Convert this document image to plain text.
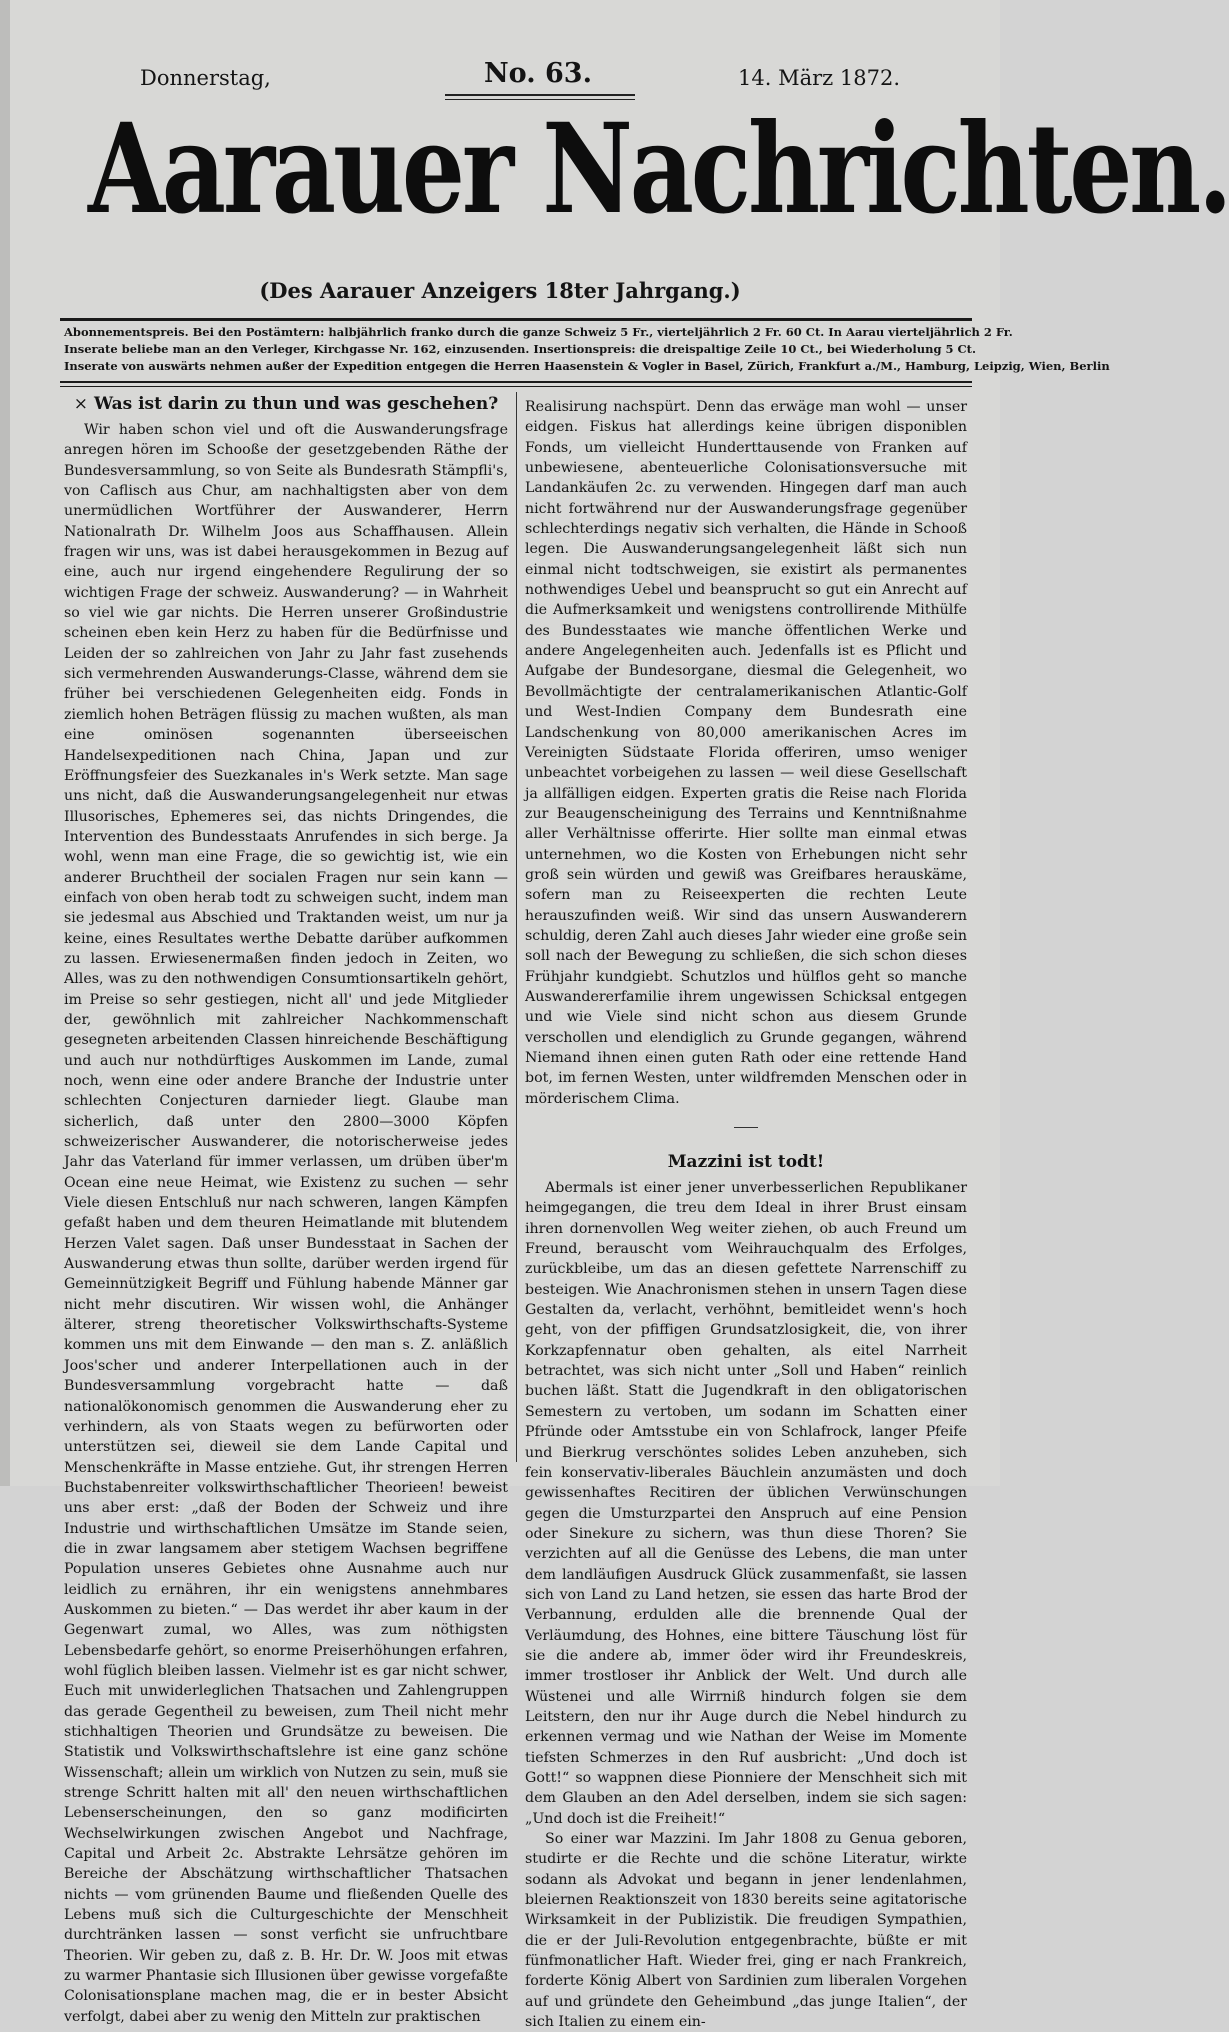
Donnerstag,	No. 63.	14. März 1872.
Aarauer Nachrichten.
(Des Aarauer Anzeigers 18ter Jahrgang.)
Abonnementspreis. Bei den Postämtern: halbjährlich franko durch die ganze Schweiz 5 Fr., vierteljährlich 2 Fr. 60 Ct. In Aarau vierteljährlich 2 Fr.
Inserate beliebe man an den Verleger, Kirchgasse Nr. 162, einzusenden. Insertionspreis: die dreispaltige Zeile 10 Ct., bei Wiederholung 5 Ct.
Inserate von auswärts nehmen außer der Expedition entgegen die Herren Haasenstein & Vogler in Basel, Zürich, Frankfurt a./M., Hamburg, Leipzig, Wien, Berlin
× Was ist darin zu thun und was geschehen?

Wir haben schon viel und oft die Auswanderungsfrage anregen hören im Schooße der gesetzgebenden Räthe der Bundesversammlung, so von Seite als Bundesrath Stämpfli's, von Caflisch aus Chur, am nachhaltigsten aber von dem unermüdlichen Wortführer der Auswanderer, Herrn Nationalrath Dr. Wilhelm Joos aus Schaffhausen. Allein fragen wir uns, was ist dabei herausgekommen in Bezug auf eine, auch nur irgend eingehendere Regulirung der so wichtigen Frage der schweiz. Auswanderung? — in Wahrheit so viel wie gar nichts. Die Herren unserer Großindustrie scheinen eben kein Herz zu haben für die Bedürfnisse und Leiden der so zahlreichen von Jahr zu Jahr fast zusehends sich vermehrenden Auswanderungs-Classe, während dem sie früher bei verschiedenen Gelegenheiten eidg. Fonds in ziemlich hohen Beträgen flüssig zu machen wußten, als man eine ominösen sogenannten überseeischen Handelsexpeditionen nach China, Japan und zur Eröffnungsfeier des Suezkanales in's Werk setzte. Man sage uns nicht, daß die Auswanderungsangelegenheit nur etwas Illusorisches, Ephemeres sei, das nichts Dringendes, die Intervention des Bundesstaats Anrufendes in sich berge. Ja wohl, wenn man eine Frage, die so gewichtig ist, wie ein anderer Bruchtheil der socialen Fragen nur sein kann — einfach von oben herab todt zu schweigen sucht, indem man sie jedesmal aus Abschied und Traktanden weist, um nur ja keine, eines Resultates werthe Debatte darüber aufkommen zu lassen. Erwiesenermaßen finden jedoch in Zeiten, wo Alles, was zu den nothwendigen Consumtionsartikeln gehört, im Preise so sehr gestiegen, nicht all' und jede Mitglieder der, gewöhnlich mit zahlreicher Nachkommenschaft gesegneten arbeitenden Classen hinreichende Beschäftigung und auch nur nothdürftiges Auskommen im Lande, zumal noch, wenn eine oder andere Branche der Industrie unter schlechten Conjecturen darnieder liegt. Glaube man sicherlich, daß unter den 2800—3000 Köpfen schweizerischer Auswanderer, die notorischerweise jedes Jahr das Vaterland für immer verlassen, um drüben über'm Ocean eine neue Heimat, wie Existenz zu suchen — sehr Viele diesen Entschluß nur nach schweren, langen Kämpfen gefaßt haben und dem theuren Heimatlande mit blutendem Herzen Valet sagen. Daß unser Bundesstaat in Sachen der Auswanderung etwas thun sollte, darüber werden irgend für Gemeinnützigkeit Begriff und Fühlung habende Männer gar nicht mehr discutiren. Wir wissen wohl, die Anhänger älterer, streng theoretischer Volkswirthschafts-Systeme kommen uns mit dem Einwande — den man s. Z. anläßlich Joos'scher und anderer Interpellationen auch in der Bundesversammlung vorgebracht hatte — daß nationalökonomisch genommen die Auswanderung eher zu verhindern, als von Staats wegen zu befürworten oder unterstützen sei, dieweil sie dem Lande Capital und Menschenkräfte in Masse entziehe. Gut, ihr strengen Herren Buchstabenreiter volkswirthschaftlicher Theorieen! beweist uns aber erst: „daß der Boden der Schweiz und ihre Industrie und wirthschaftlichen Umsätze im Stande seien, die in zwar langsamem aber stetigem Wachsen begriffene Population unseres Gebietes ohne Ausnahme auch nur leidlich zu ernähren, ihr ein wenigstens annehmbares Auskommen zu bieten.“ — Das werdet ihr aber kaum in der Gegenwart zumal, wo Alles, was zum nöthigsten Lebensbedarfe gehört, so enorme Preiserhöhungen erfahren, wohl füglich bleiben lassen. Vielmehr ist es gar nicht schwer, Euch mit unwiderleglichen Thatsachen und Zahlengruppen das gerade Gegentheil zu beweisen, zum Theil nicht mehr stichhaltigen Theorien und Grundsätze zu beweisen. Die Statistik und Volkswirthschaftslehre ist eine ganz schöne Wissenschaft; allein um wirklich von Nutzen zu sein, muß sie strenge Schritt halten mit all' den neuen wirthschaftlichen Lebenserscheinungen, den so ganz modificirten Wechselwirkungen zwischen Angebot und Nachfrage, Capital und Arbeit 2c. Abstrakte Lehrsätze gehören im Bereiche der Abschätzung wirthschaftlicher Thatsachen nichts — vom grünenden Baume und fließenden Quelle des Lebens muß sich die Culturgeschichte der Menschheit durchtränken lassen — sonst verficht sie unfruchtbare Theorien. Wir geben zu, daß z. B. Hr. Dr. W. Joos mit etwas zu warmer Phantasie sich Illusionen über gewisse vorgefaßte Colonisationsplane machen mag, die er in bester Absicht verfolgt, dabei aber zu wenig den Mitteln zur praktischen

Realisirung nachspürt. Denn das erwäge man wohl — unser eidgen. Fiskus hat allerdings keine übrigen disponiblen Fonds, um vielleicht Hunderttausende von Franken auf unbewiesene, abenteuerliche Colonisationsversuche mit Landankäufen 2c. zu verwenden. Hingegen darf man auch nicht fortwährend nur der Auswanderungsfrage gegenüber schlechterdings negativ sich verhalten, die Hände in Schooß legen. Die Auswanderungsangelegenheit läßt sich nun einmal nicht todtschweigen, sie existirt als permanentes nothwendiges Uebel und beansprucht so gut ein Anrecht auf die Aufmerksamkeit und wenigstens controllirende Mithülfe des Bundesstaates wie manche öffentlichen Werke und andere Angelegenheiten auch. Jedenfalls ist es Pflicht und Aufgabe der Bundesorgane, diesmal die Gelegenheit, wo Bevollmächtigte der centralamerikanischen Atlantic-Golf und West-Indien Company dem Bundesrath eine Landschenkung von 80,000 amerikanischen Acres im Vereinigten Südstaate Florida offeriren, umso weniger unbeachtet vorbeigehen zu lassen — weil diese Gesellschaft ja allfälligen eidgen. Experten gratis die Reise nach Florida zur Beaugenscheinigung des Terrains und Kenntnißnahme aller Verhältnisse offerirte. Hier sollte man einmal etwas unternehmen, wo die Kosten von Erhebungen nicht sehr groß sein würden und gewiß was Greifbares herauskäme, sofern man zu Reiseexperten die rechten Leute herauszufinden weiß. Wir sind das unsern Auswanderern schuldig, deren Zahl auch dieses Jahr wieder eine große sein soll nach der Bewegung zu schließen, die sich schon dieses Frühjahr kundgiebt. Schutzlos und hülflos geht so manche Auswandererfamilie ihrem ungewissen Schicksal entgegen und wie Viele sind nicht schon aus diesem Grunde verschollen und elendiglich zu Grunde gegangen, während Niemand ihnen einen guten Rath oder eine rettende Hand bot, im fernen Westen, unter wildfremden Menschen oder in mörderischem Clima.

Mazzini ist todt!

Abermals ist einer jener unverbesserlichen Republikaner heimgegangen, die treu dem Ideal in ihrer Brust einsam ihren dornenvollen Weg weiter ziehen, ob auch Freund um Freund, berauscht vom Weihrauchqualm des Erfolges, zurückbleibe, um das an diesen gefettete Narrenschiff zu besteigen. Wie Anachronismen stehen in unsern Tagen diese Gestalten da, verlacht, verhöhnt, bemitleidet wenn's hoch geht, von der pfiffigen Grundsatzlosigkeit, die, von ihrer Korkzapfennatur oben gehalten, als eitel Narrheit betrachtet, was sich nicht unter „Soll und Haben“ reinlich buchen läßt. Statt die Jugendkraft in den obligatorischen Semestern zu vertoben, um sodann im Schatten einer Pfründe oder Amtsstube ein von Schlafrock, langer Pfeife und Bierkrug verschöntes solides Leben anzuheben, sich fein konservativ-liberales Bäuchlein anzumästen und doch gewissenhaftes Recitiren der üblichen Verwünschungen gegen die Umsturzpartei den Anspruch auf eine Pension oder Sinekure zu sichern, was thun diese Thoren? Sie verzichten auf all die Genüsse des Lebens, die man unter dem landläufigen Ausdruck Glück zusammenfaßt, sie lassen sich von Land zu Land hetzen, sie essen das harte Brod der Verbannung, erdulden alle die brennende Qual der Verläumdung, des Hohnes, eine bittere Täuschung löst für sie die andere ab, immer öder wird ihr Freundeskreis, immer trostloser ihr Anblick der Welt. Und durch alle Wüstenei und alle Wirrniß hindurch folgen sie dem Leitstern, den nur ihr Auge durch die Nebel hindurch zu erkennen vermag und wie Nathan der Weise im Momente tiefsten Schmerzes in den Ruf ausbricht: „Und doch ist Gott!“ so wappnen diese Pionniere der Menschheit sich mit dem Glauben an den Adel derselben, indem sie sich sagen: „Und doch ist die Freiheit!“

So einer war Mazzini. Im Jahr 1808 zu Genua geboren, studirte er die Rechte und die schöne Literatur, wirkte sodann als Advokat und begann in jener lendenlahmen, bleiernen Reaktionszeit von 1830 bereits seine agitatorische Wirksamkeit in der Publizistik. Die freudigen Sympathien, die er der Juli-Revolution entgegenbrachte, büßte er mit fünfmonatlicher Haft. Wieder frei, ging er nach Frankreich, forderte König Albert von Sardinien zum liberalen Vorgehen auf und gründete den Geheimbund „das junge Italien“, der sich Italien zu einem ein-
